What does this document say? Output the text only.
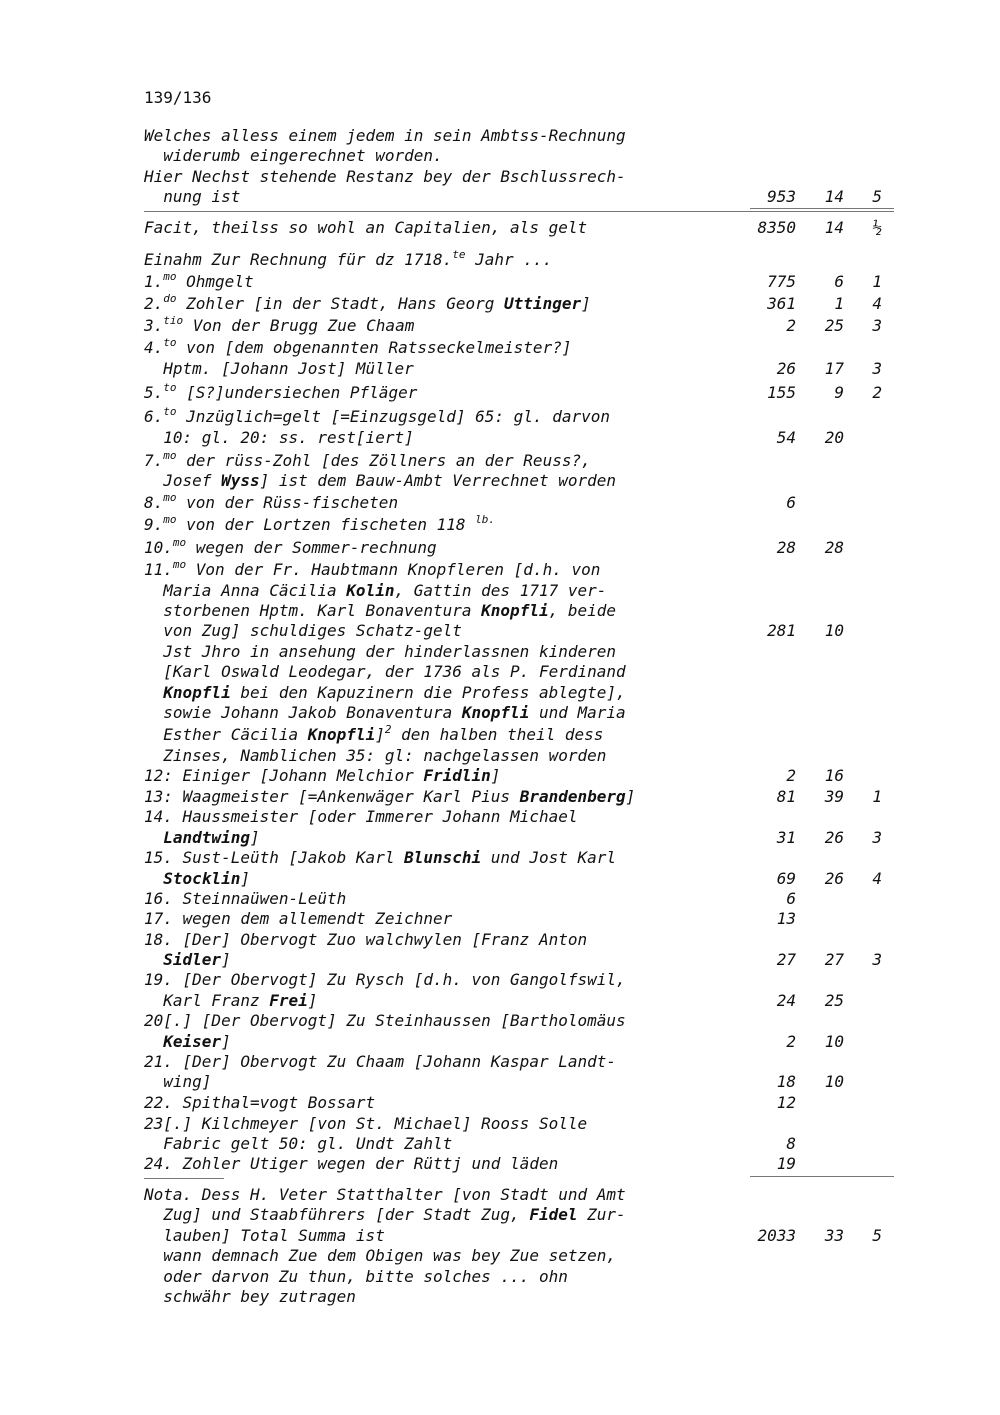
139/136
Welches alless einem jedem in sein Ambtss-Rechnung
widerumb eingerechnet worden.
Hier Nechst stehende Restanz bey der Bschlussrech-
nung ist	953	14	5
Facit, theilss so wohl an Capitalien, als gelt	8350	14	½
Einahm Zur Rechnung für dz 1718.$^{te}$ Jahr ...
1.$^{mo}$ Ohmgelt	775	6	1
2.$^{do}$ Zohler [in der Stadt, Hans Georg Uttinger]	361	1	4
3.$^{tio}$ Von der Brugg Zue Chaam	2	25	3
4.$^{to}$ von [dem obgenannten Ratsseckelmeister?]
Hptm. [Johann Jost] Müller	26	17	3
5.$^{to}$ [S?]undersiechen Pfläger	155	9	2
6.$^{to}$ Jnzüglich=gelt [=Einzugsgeld] 65: gl. darvon
10: gl. 20: ss. rest[iert]	54	20
7.$^{mo}$ der rüss-Zohl [des Zöllners an der Reuss?,
Josef Wyss] ist dem Bauw-Ambt Verrechnet worden
8.$^{mo}$ von der Rüss-fischeten	6
9.$^{mo}$ von der Lortzen fischeten 118 $^{lb.}$
10.$^{mo}$ wegen der Sommer-rechnung	28	28
11.$^{mo}$ Von der Fr. Haubtmann Knopfleren [d.h. von
Maria Anna Cäcilia Kolin, Gattin des 1717 ver-
storbenen Hptm. Karl Bonaventura Knopfli, beide
von Zug] schuldiges Schatz-gelt	281	10
Jst Jhro in ansehung der hinderlassnen kinderen
[Karl Oswald Leodegar, der 1736 als P. Ferdinand
Knopfli bei den Kapuzinern die Profess ablegte],
sowie Johann Jakob Bonaventura Knopfli und Maria
Esther Cäcilia Knopfli]$^2$ den halben theil dess
Zinses, Namblichen 35: gl: nachgelassen worden
12: Einiger [Johann Melchior Fridlin]	2	16
13: Waagmeister [=Ankenwäger Karl Pius Brandenberg]	81	39	1
14. Haussmeister [oder Immerer Johann Michael
Landtwing]	31	26	3
15. Sust-Leüth [Jakob Karl Blunschi und Jost Karl
Stocklin]	69	26	4
16. Steinnaüwen-Leüth	6
17. wegen dem allemendt Zeichner	13
18. [Der] Obervogt Zuo walchwylen [Franz Anton
Sidler]	27	27	3
19. [Der Obervogt] Zu Rysch [d.h. von Gangolfswil,
Karl Franz Frei]	24	25
20[.] [Der Obervogt] Zu Steinhaussen [Bartholomäus
Keiser]	2	10
21. [Der] Obervogt Zu Chaam [Johann Kaspar Landt-
wing]	18	10
22. Spithal=vogt Bossart	12
23[.] Kilchmeyer [von St. Michael] Rooss Solle
Fabric gelt 50: gl. Undt Zahlt	8
24. Zohler Utiger wegen der Rüttj und läden	19
Nota. Dess H. Veter Statthalter [von Stadt und Amt
Zug] und Staabführers [der Stadt Zug, Fidel Zur-
lauben] Total Summa ist	2033	33	5
wann demnach Zue dem Obigen was bey Zue setzen,
oder darvon Zu thun, bitte solches ... ohn
schwähr bey zutragen
